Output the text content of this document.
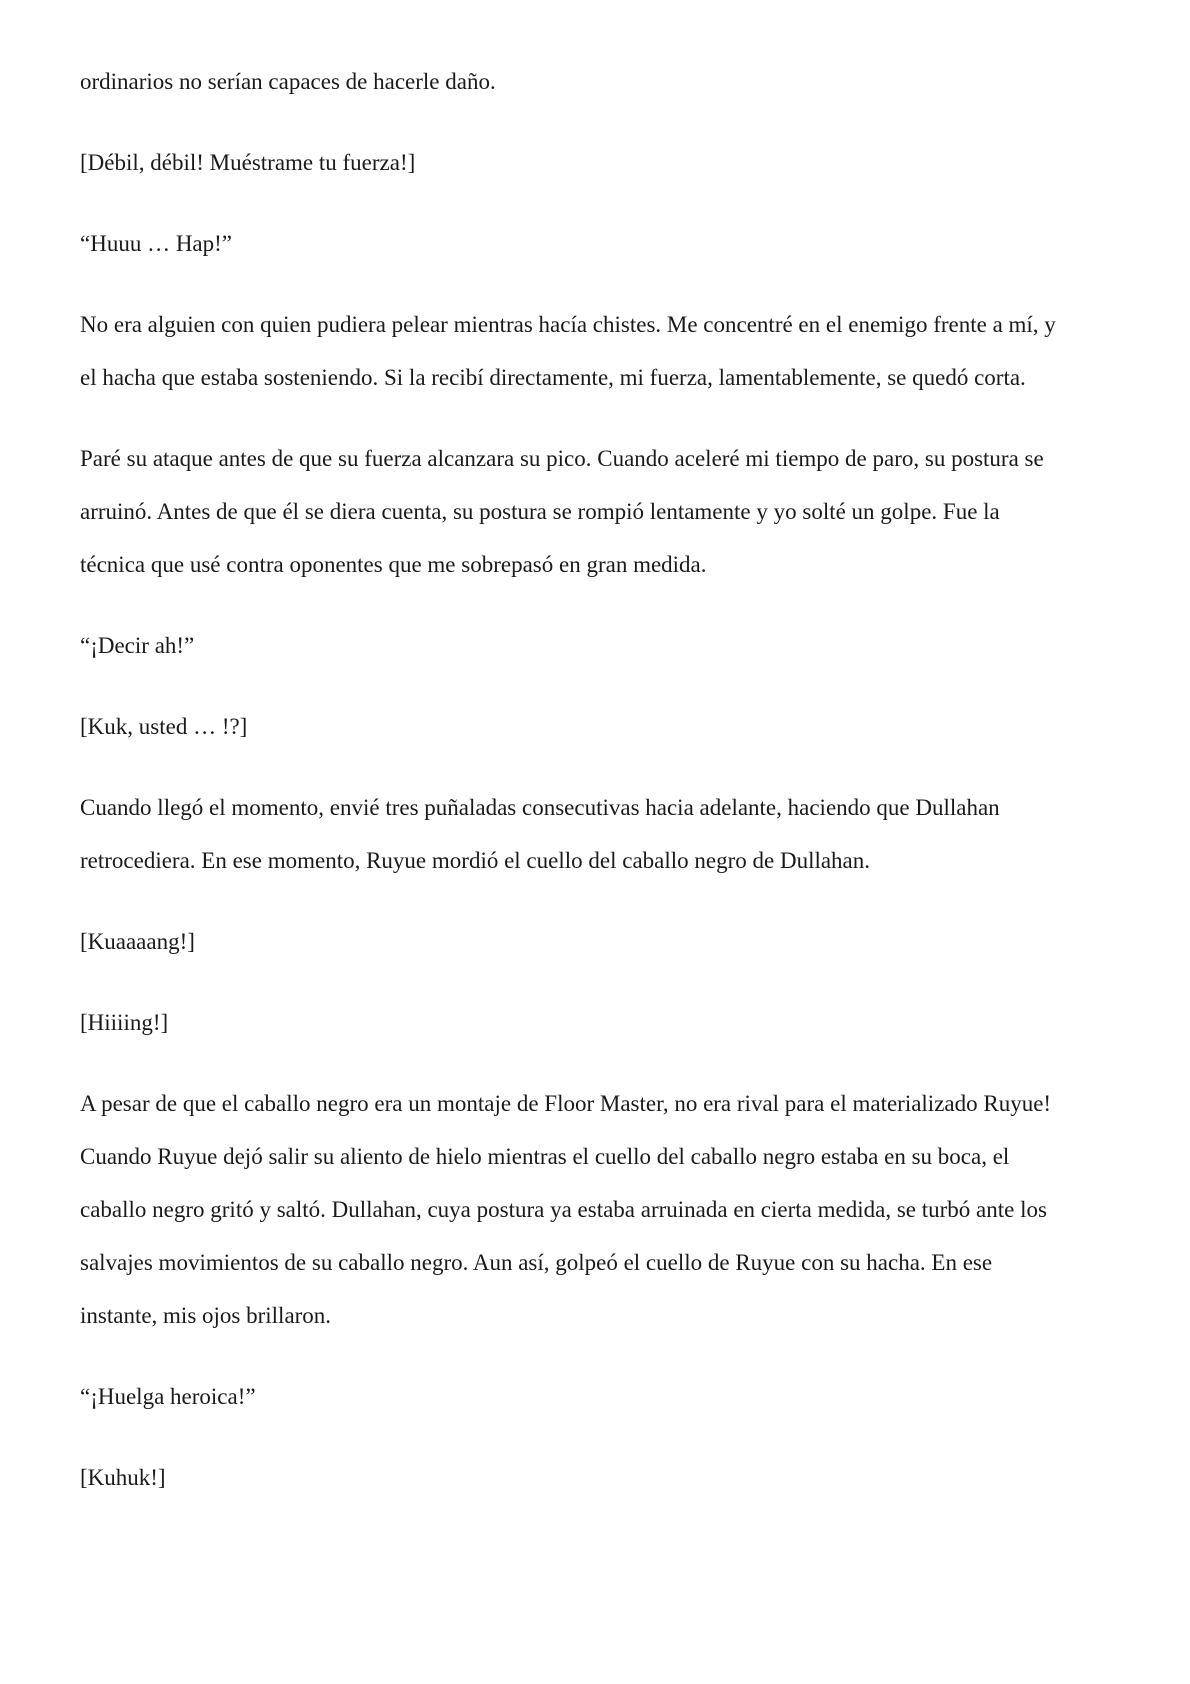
ordinarios no serían capaces de hacerle daño.

[Débil, débil! Muéstrame tu fuerza!]

“Huuu … Hap!”

No era alguien con quien pudiera pelear mientras hacía chistes. Me concentré en el enemigo frente a mí, y
el hacha que estaba sosteniendo. Si la recibí directamente, mi fuerza, lamentablemente, se quedó corta.

Paré su ataque antes de que su fuerza alcanzara su pico. Cuando aceleré mi tiempo de paro, su postura se
arruinó. Antes de que él se diera cuenta, su postura se rompió lentamente y yo solté un golpe. Fue la
técnica que usé contra oponentes que me sobrepasó en gran medida.

“¡Decir ah!”

[Kuk, usted … !?]

Cuando llegó el momento, envié tres puñaladas consecutivas hacia adelante, haciendo que Dullahan
retrocediera. En ese momento, Ruyue mordió el cuello del caballo negro de Dullahan.

[Kuaaaang!]

[Hiiiing!]

A pesar de que el caballo negro era un montaje de Floor Master, no era rival para el materializado Ruyue!
Cuando Ruyue dejó salir su aliento de hielo mientras el cuello del caballo negro estaba en su boca, el
caballo negro gritó y saltó. Dullahan, cuya postura ya estaba arruinada en cierta medida, se turbó ante los
salvajes movimientos de su caballo negro. Aun así, golpeó el cuello de Ruyue con su hacha. En ese
instante, mis ojos brillaron.

“¡Huelga heroica!”

[Kuhuk!]
